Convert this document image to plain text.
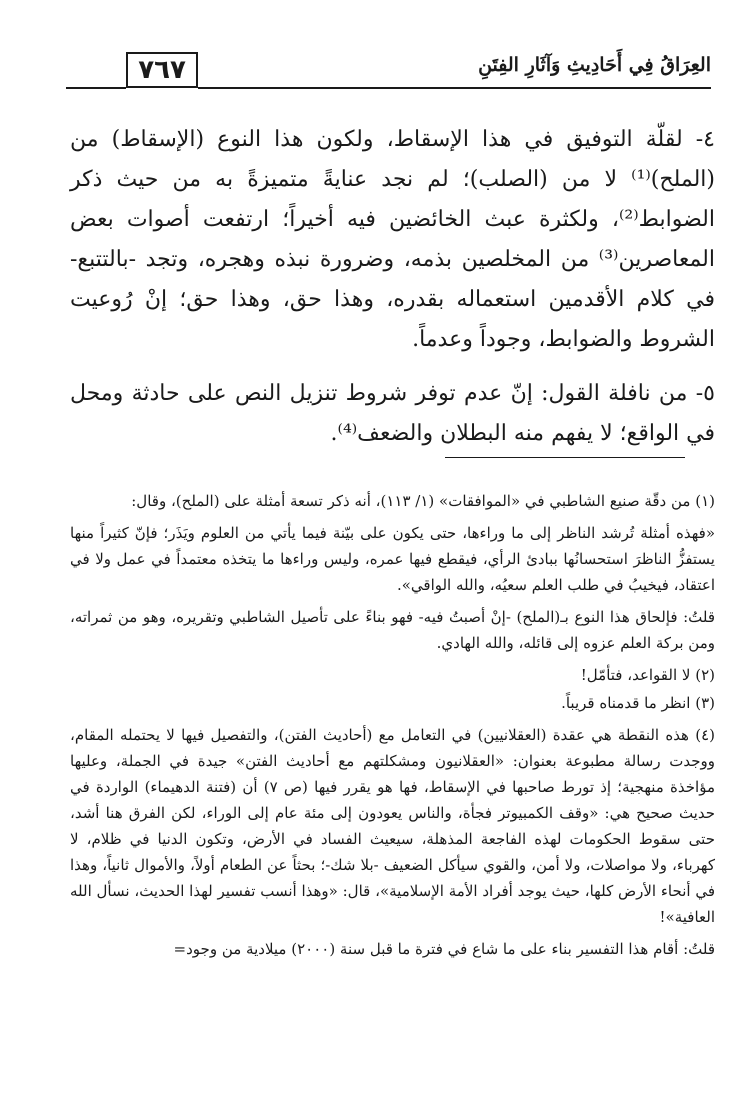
٧٦٧	العِرَاقُ فِي أَحَادِيثِ وَآثَارِ الفِتَنِ

٤- لقلّة التوفيق في هذا الإسقاط، ولكون هذا النوع (الإسقاط) من (الملح)⁽¹⁾ لا من (الصلب)؛ لم نجد عنايةً متميزةً به من حيث ذكر الضوابط⁽²⁾، ولكثرة عبث الخائضين فيه أخيراً؛ ارتفعت أصوات بعض المعاصرين⁽³⁾ من المخلصين بذمه، وضرورة نبذه وهجره، وتجد -بالتتبع- في كلام الأقدمين استعماله بقدره، وهذا حق، وهذا حق؛ إنْ رُوعيت الشروط والضوابط، وجوداً وعدماً.

٥- من نافلة القول: إنّ عدم توفر شروط تنزيل النص على حادثة ومحل في الواقع؛ لا يفهم منه البطلان والضعف⁽⁴⁾.

(١) من دقّة صنيع الشاطبي في «الموافقات» (١/ ١١٣)، أنه ذكر تسعة أمثلة على (الملح)، وقال:

«فهذه أمثلة تُرشد الناظر إلى ما وراءها، حتى يكون على بيّنة فيما يأتي من العلوم ويَذَر؛ فإنّ كثيراً منها يستفزُّ الناظرَ استحسانُها ببادئ الرأي، فيقطع فيها عمره، وليس وراءها ما يتخذه معتمداً في عمل ولا في اعتقاد، فيخيبُ في طلب العلم سعيُه، والله الواقي».

قلتُ: فإلحاق هذا النوع بـ(الملح) -إنْ أصبتُ فيه- فهو بناءً على تأصيل الشاطبي وتقريره، وهو من ثمراته، ومن بركة العلم عزوه إلى قائله، والله الهادي.

(٢) لا القواعد، فتأمّل!

(٣) انظر ما قدمناه قريباً.

(٤) هذه النقطة هي عقدة (العقلانيين) في التعامل مع (أحاديث الفتن)، والتفصيل فيها لا يحتمله المقام، ووجدت رسالة مطبوعة بعنوان: «العقلانيون ومشكلتهم مع أحاديث الفتن» جيدة في الجملة، وعليها مؤاخذة منهجية؛ إذ تورط صاحبها في الإسقاط، فها هو يقرر فيها (ص ٧) أن (فتنة الدهيماء) الواردة في حديث صحيح هي: «وقف الكمبيوتر فجأة، والناس يعودون إلى مئة عام إلى الوراء، لكن الفرق هنا أشد، حتى سقوط الحكومات لهذه الفاجعة المذهلة، سيعيث الفساد في الأرض، وتكون الدنيا في ظلام، لا كهرباء، ولا مواصلات، ولا أمن، والقوي سيأكل الضعيف -بلا شك-؛ بحثاً عن الطعام أولاً، والأموال ثانياً، وهذا في أنحاء الأرض كلها، حيث يوجد أفراد الأمة الإسلامية»، قال: «وهذا أنسب تفسير لهذا الحديث، نسأل الله العافية»!

قلتُ: أقام هذا التفسير بناء على ما شاع في فترة ما قبل سنة (٢٠٠٠) ميلادية من وجود=
